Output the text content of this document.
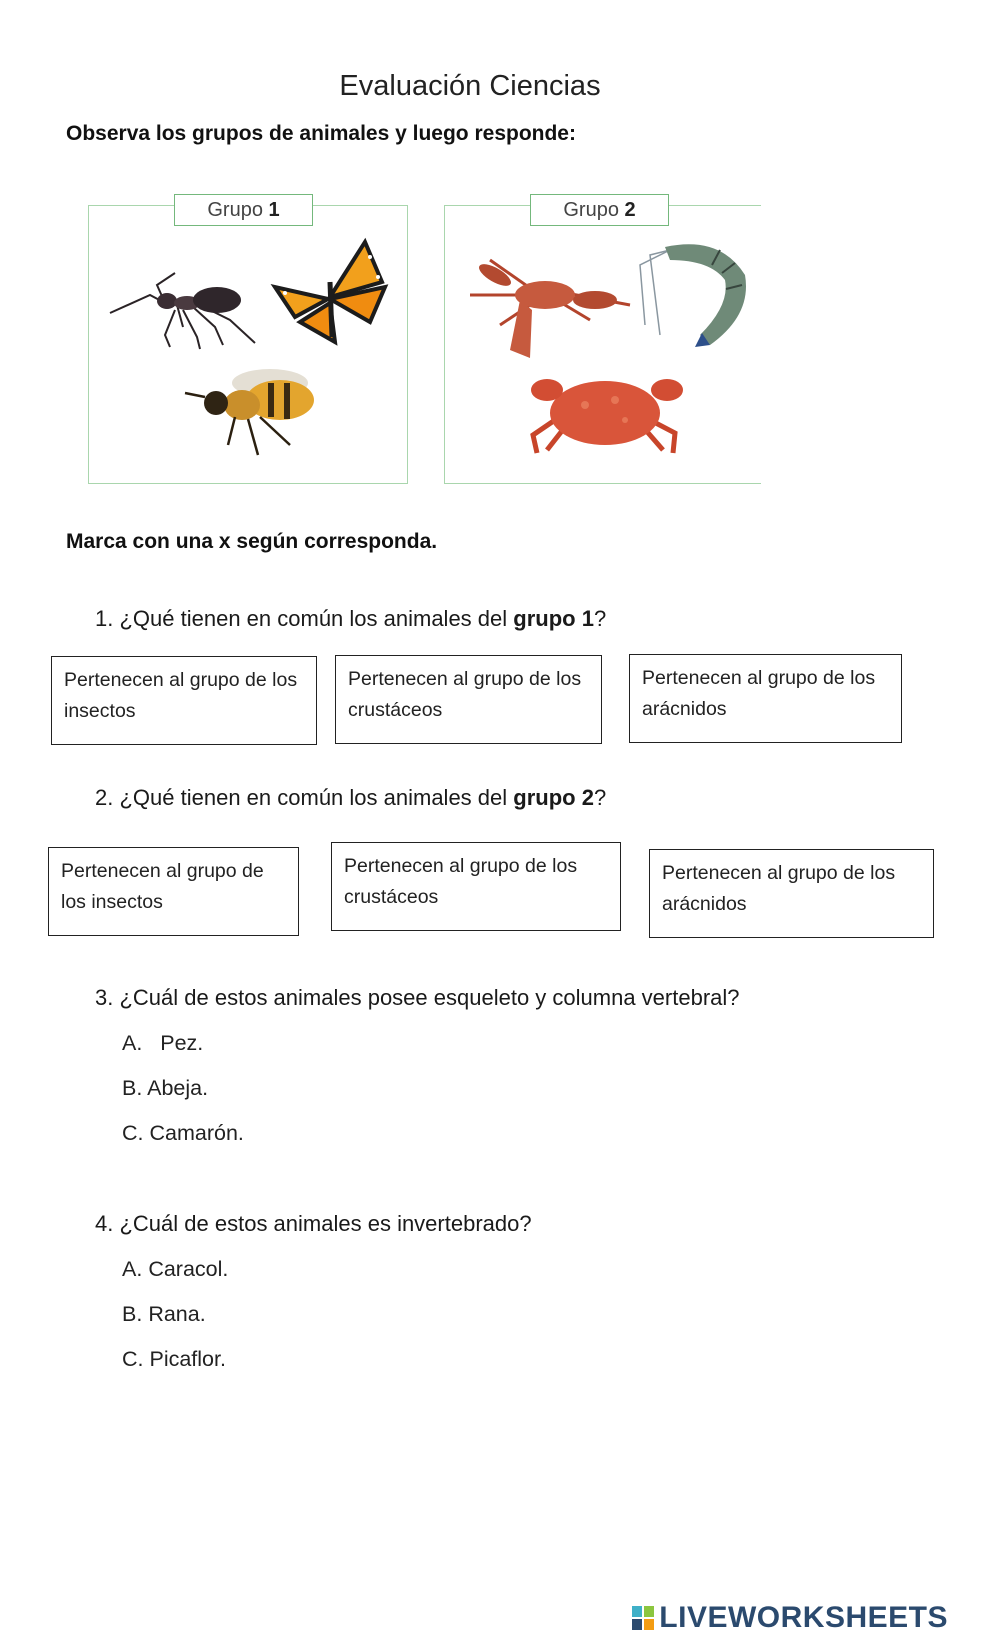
Evaluación Ciencias
Observa los grupos de animales y luego responde:
Grupo 1	Grupo 2
Marca con una x según corresponda.
1. ¿Qué tienen en común los animales del grupo 1?
Pertenecen al grupo de los
insectos
Pertenecen al grupo de los
crustáceos
Pertenecen al grupo de los
arácnidos
2. ¿Qué tienen en común los animales del grupo 2?
Pertenecen al grupo de
los insectos
Pertenecen al grupo de los
crustáceos
Pertenecen al grupo de los
arácnidos
3. ¿Cuál de estos animales posee esqueleto y columna vertebral?
A. Pez.
B. Abeja.
C. Camarón.
4. ¿Cuál de estos animales es invertebrado?
A. Caracol.
B. Rana.
C. Picaflor.
LIVEWORKSHEETS
